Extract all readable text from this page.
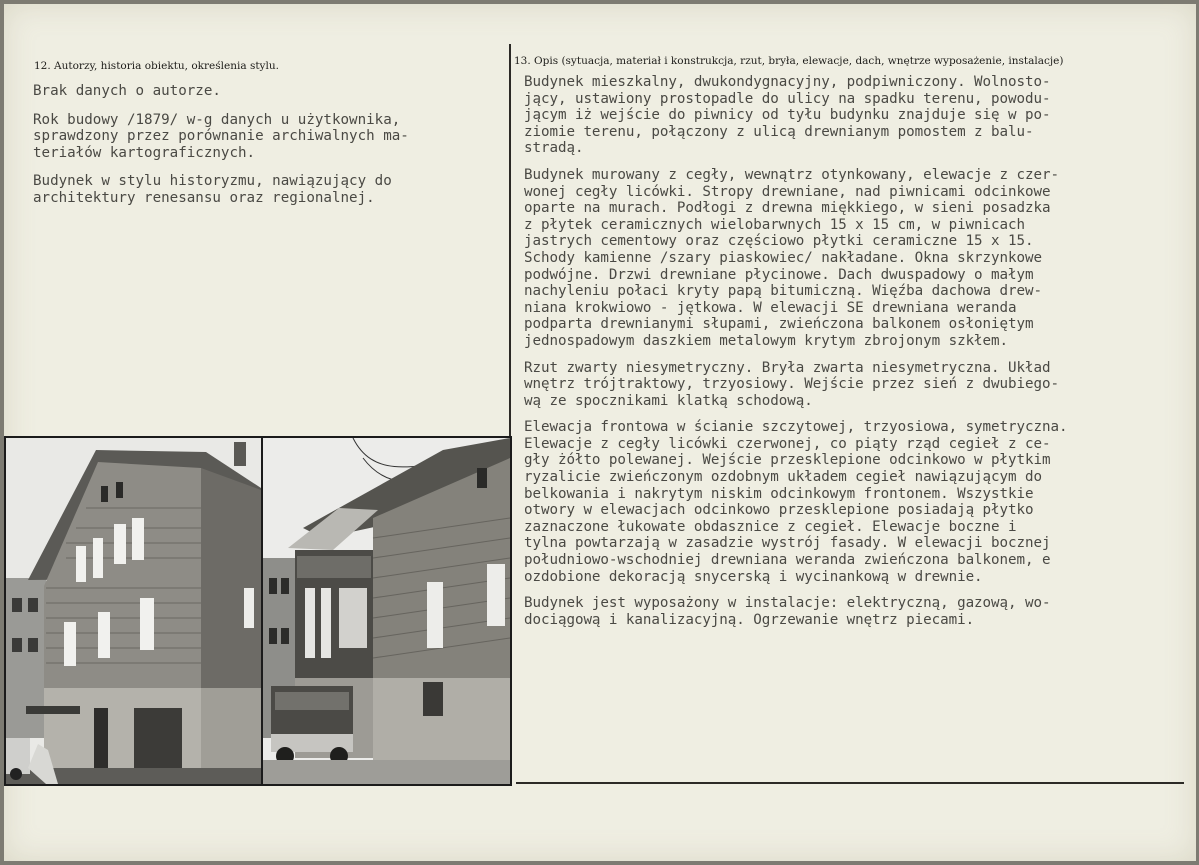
12. Autorzy, historia obiektu, określenia stylu.

Brak danych o autorze.

Rok budowy /1879/ w-g danych u użytkownika,
sprawdzony przez porównanie archiwalnych ma-
teriałów kartograficznych.

Budynek w stylu historyzmu, nawiązujący do
architektury renesansu oraz regionalnej.

13. Opis (sytuacja, materiał i konstrukcja, rzut, bryła, elewacje, dach, wnętrze wyposażenie, instalacje)

Budynek mieszkalny, dwukondygnacyjny, podpiwniczony. Wolnosto-
jący, ustawiony prostopadle do ulicy na spadku terenu, powodu-
jącym iż wejście do piwnicy od tyłu budynku znajduje się w po-
ziomie terenu, połączony z ulicą drewnianym pomostem z balu-
stradą.

Budynek murowany z cegły, wewnątrz otynkowany, elewacje z czer-
wonej cegły licówki. Stropy drewniane, nad piwnicami odcinkowe
oparte na murach. Podłogi z drewna miękkiego, w sieni posadzka
z płytek ceramicznych wielobarwnych 15 x 15 cm, w piwnicach
jastrych cementowy oraz częściowo płytki ceramiczne 15 x 15.
Schody kamienne /szary piaskowiec/ nakładane. Okna skrzynkowe
podwójne. Drzwi drewniane płycinowe. Dach dwuspadowy o małym
nachyleniu połaci kryty papą bitumiczną. Więźba dachowa drew-
niana krokwiowo - jętkowa. W elewacji SE drewniana weranda
podparta drewnianymi słupami, zwieńczona balkonem osłoniętym
jednospadowym daszkiem metalowym krytym zbrojonym szkłem.

Rzut zwarty niesymetryczny. Bryła zwarta niesymetryczna. Układ
wnętrz trójtraktowy, trzyosiowy. Wejście przez sień z dwubiego-
wą ze spocznikami klatką schodową.

Elewacja frontowa w ścianie szczytowej, trzyosiowa, symetryczna.
Elewacje z cegły licówki czerwonej, co piąty rząd cegieł z ce-
gły żółto polewanej. Wejście przesklepione odcinkowo w płytkim
ryzalicie zwieńczonym ozdobnym układem cegieł nawiązującym do
belkowania i nakrytym niskim odcinkowym frontonem. Wszystkie
otwory w elewacjach odcinkowo przesklepione posiadają płytko
zaznaczone łukowate obdasznice z cegieł. Elewacje boczne i
tylna powtarzają w zasadzie wystrój fasady. W elewacji bocznej
południowo-wschodniej drewniana weranda zwieńczona balkonem, e
ozdobione dekoracją snycerską i wycinankową w drewnie.

Budynek jest wyposażony w instalacje: elektryczną, gazową, wo-
dociągową i kanalizacyjną. Ogrzewanie wnętrz piecami.
